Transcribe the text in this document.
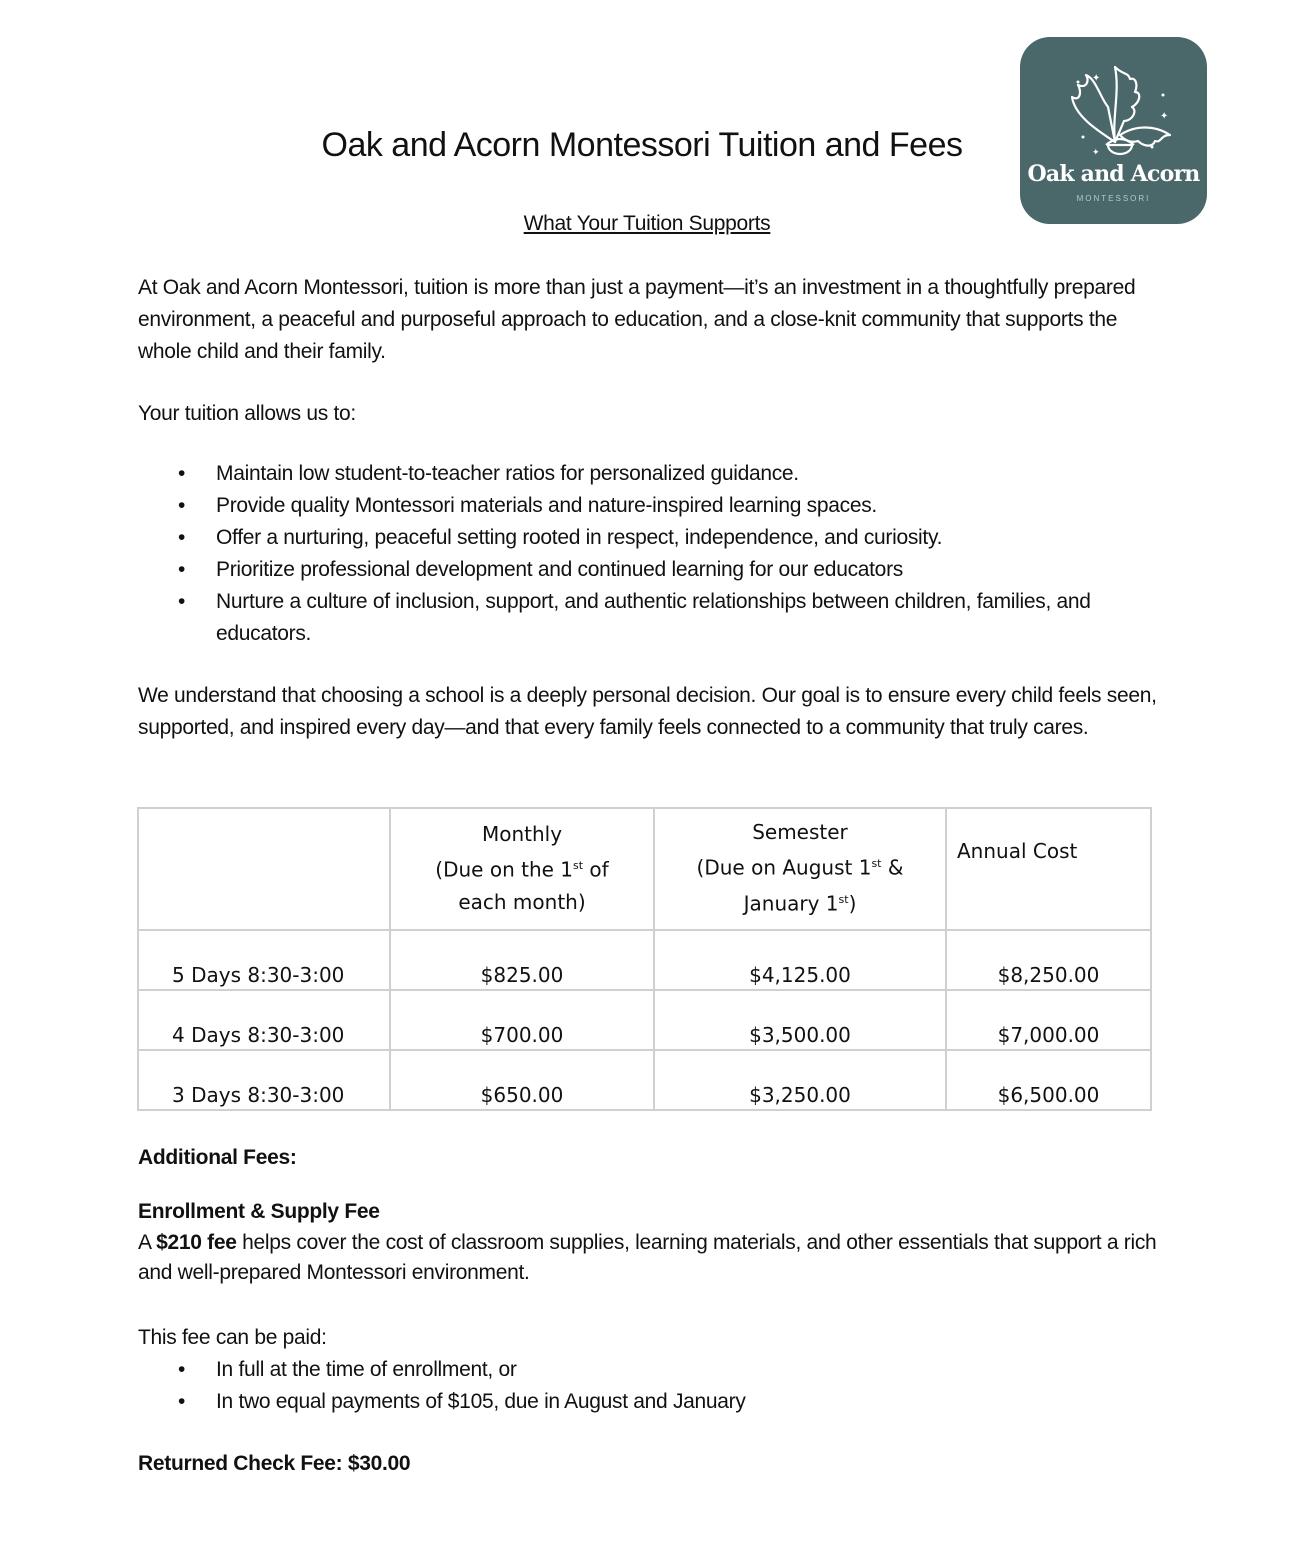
Oak and Acorn Montessori Tuition and Fees
✦
✦
✦
Oak and Acorn
MONTESSORI
What Your Tuition Supports
At Oak and Acorn Montessori, tuition is more than just a payment—it’s an investment in a thoughtfully prepared environment, a peaceful and purposeful approach to education, and a close-knit community that supports the whole child and their family.
Your tuition allows us to:
• Maintain low student-to-teacher ratios for personalized guidance.
• Provide quality Montessori materials and nature-inspired learning spaces.
• Offer a nurturing, peaceful setting rooted in respect, independence, and curiosity.
• Prioritize professional development and continued learning for our educators
• Nurture a culture of inclusion, support, and authentic relationships between children, families, and educators.
We understand that choosing a school is a deeply personal decision. Our goal is to ensure every child feels seen, supported, and inspired every day—and that every family feels connected to a community that truly cares.
	Monthly
(Due on the 1st of
each month)	Semester
(Due on August 1st &
January 1st)	Annual Cost
5 Days 8:30-3:00	$825.00	$4,125.00	$8,250.00
4 Days 8:30-3:00	$700.00	$3,500.00	$7,000.00
3 Days 8:30-3:00	$650.00	$3,250.00	$6,500.00
Additional Fees:
Enrollment & Supply Fee
A $210 fee helps cover the cost of classroom supplies, learning materials, and other essentials that support a rich and well-prepared Montessori environment.
This fee can be paid:
• In full at the time of enrollment, or
• In two equal payments of $105, due in August and January
Returned Check Fee: $30.00
